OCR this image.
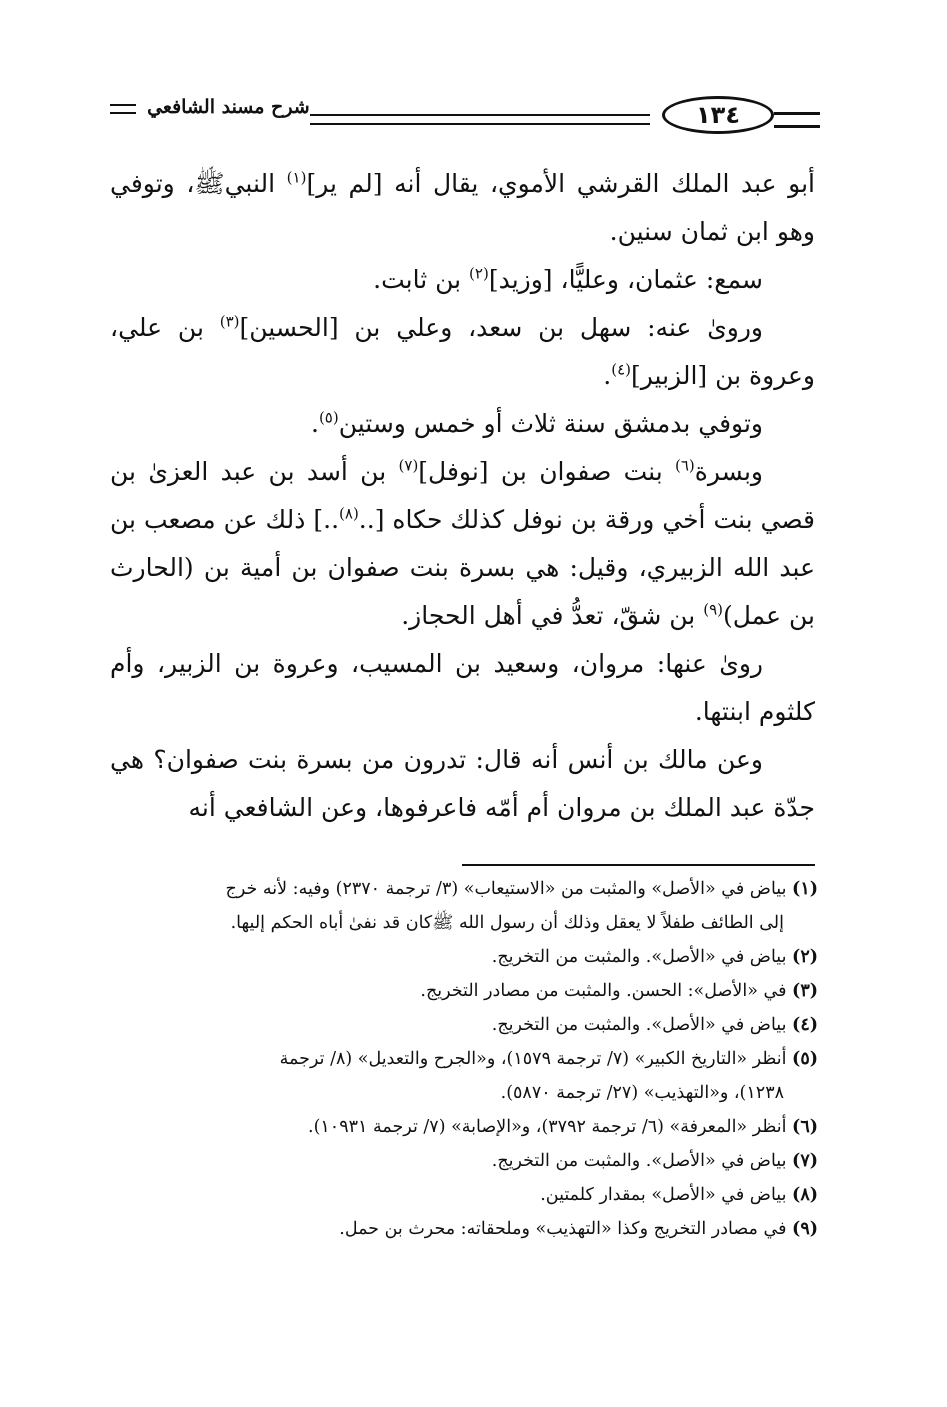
شرح مسند الشافعي	١٣٤

أبو عبد الملك القرشي الأموي، يقال أنه [لم ير]$^{(١)}$ النبيﷺ، وتوفي وهو ابن ثمان سنين.

سمع: عثمان، وعليًّا، [وزيد]$^{(٢)}$ بن ثابت.

وروىٰ عنه: سهل بن سعد، وعلي بن [الحسين]$^{(٣)}$ بن علي، وعروة بن [الزبير]$^{(٤)}$.

وتوفي بدمشق سنة ثلاث أو خمس وستين$^{(٥)}$.

وبسرة$^{(٦)}$ بنت صفوان بن [نوفل]$^{(٧)}$ بن أسد بن عبد العزىٰ بن قصي بنت أخي ورقة بن نوفل كذلك حكاه [..$^{(٨)}$..] ذلك عن مصعب بن عبد الله الزبيري، وقيل: هي بسرة بنت صفوان بن أمية بن (الحارث بن عمل)$^{(٩)}$ بن شقّ، تعدُّ في أهل الحجاز.

روىٰ عنها: مروان، وسعيد بن المسيب، وعروة بن الزبير، وأم كلثوم ابنتها.

وعن مالك بن أنس أنه قال: تدرون من بسرة بنت صفوان؟ هي جدّة عبد الملك بن مروان أم أمّه فاعرفوها، وعن الشافعي أنه

(١) بياض في «الأصل» والمثبت من «الاستيعاب» (٣/ ترجمة ٢٣٧٠) وفيه: لأنه خرج
إلى الطائف طفلاً لا يعقل وذلك أن رسول الله ﷺكان قد نفىٰ أباه الحكم إليها.
(٢) بياض في «الأصل». والمثبت من التخريج.
(٣) في «الأصل»: الحسن. والمثبت من مصادر التخريج.
(٤) بياض في «الأصل». والمثبت من التخريج.
(٥) أنظر «التاريخ الكبير» (٧/ ترجمة ١٥٧٩)، و«الجرح والتعديل» (٨/ ترجمة
١٢٣٨)، و«التهذيب» (٢٧/ ترجمة ٥٨٧٠).
(٦) أنظر «المعرفة» (٦/ ترجمة ٣٧٩٢)، و«الإصابة» (٧/ ترجمة ١٠٩٣١).
(٧) بياض في «الأصل». والمثبت من التخريج.
(٨) بياض في «الأصل» بمقدار كلمتين.
(٩) في مصادر التخريج وكذا «التهذيب» وملحقاته: محرث بن حمل.
